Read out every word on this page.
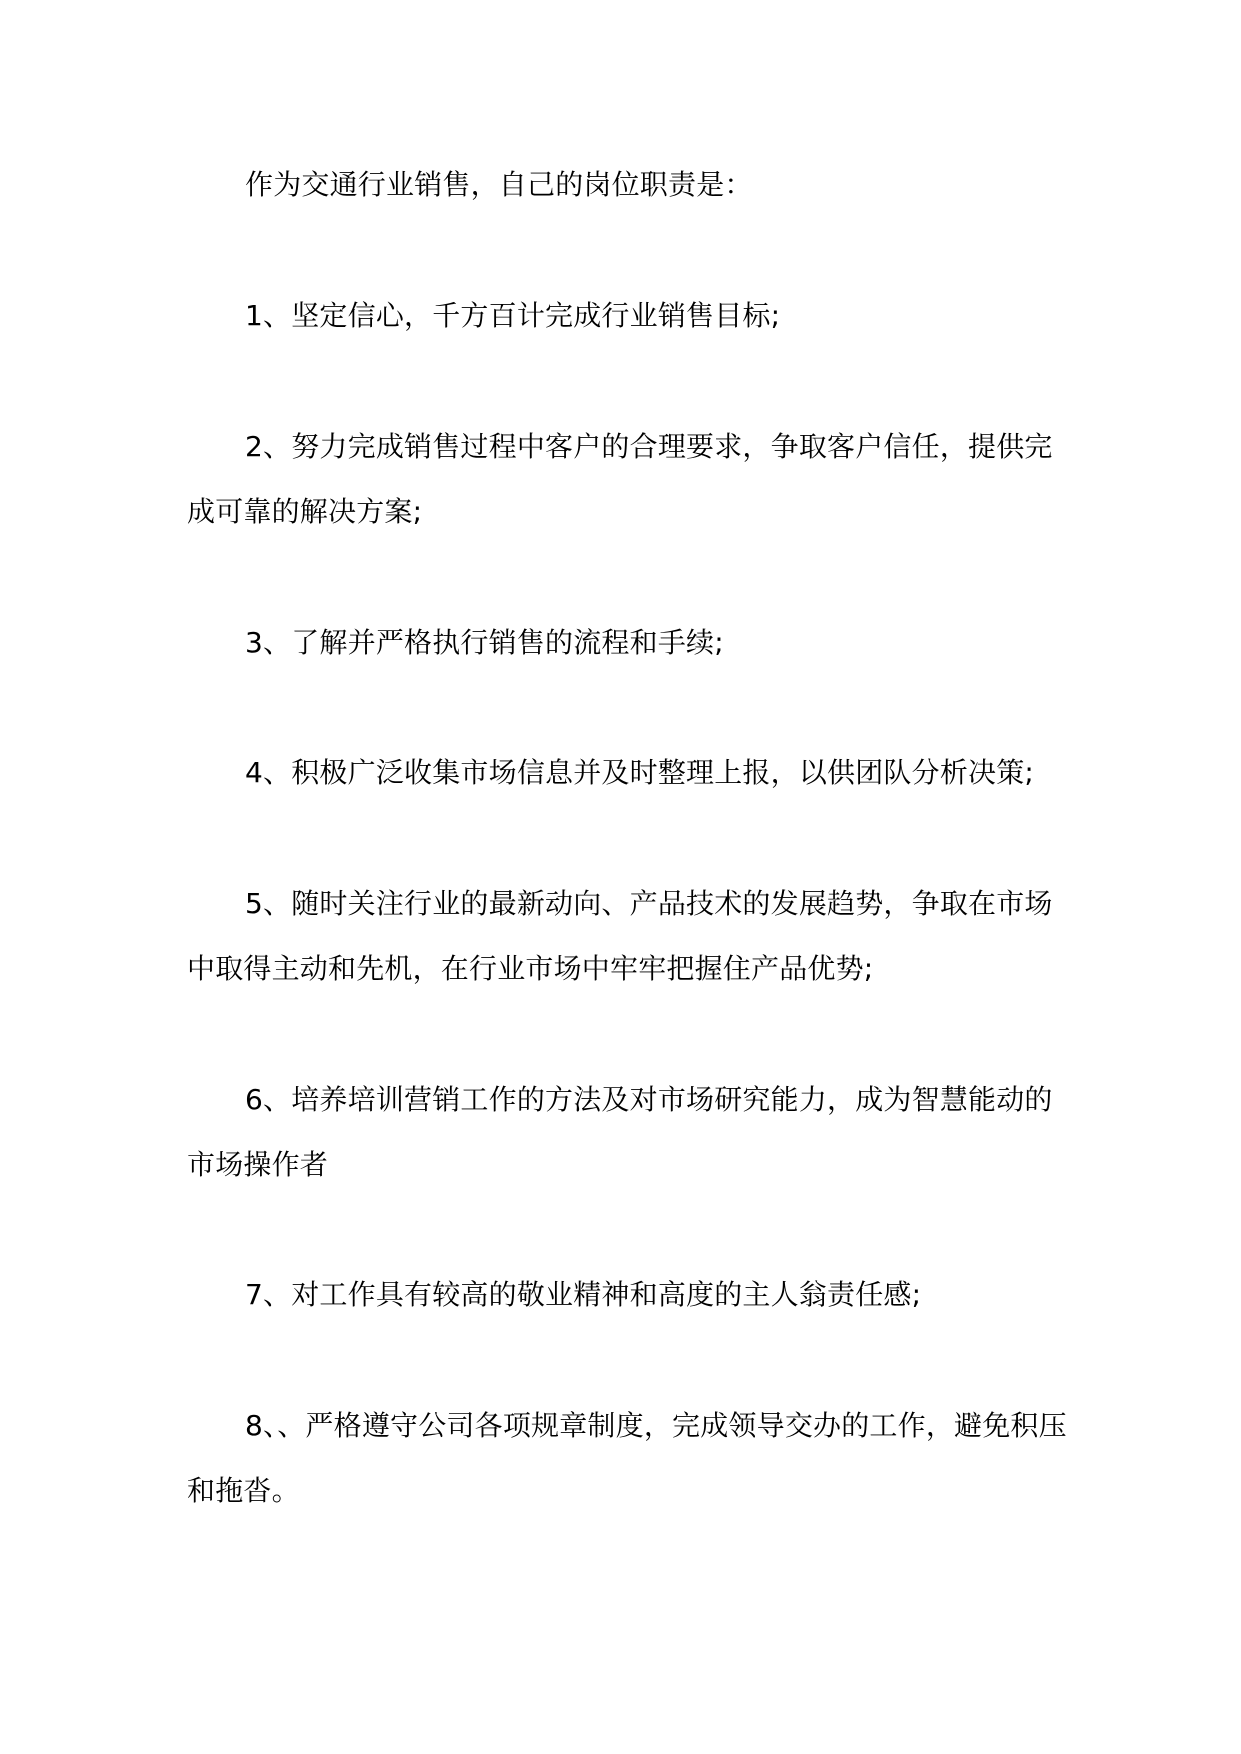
作为交通行业销售，自己的岗位职责是：

1、坚定信心，千方百计完成行业销售目标;

2、努力完成销售过程中客户的合理要求，争取客户信任，提供完成可靠的解决方案;

3、了解并严格执行销售的流程和手续;

4、积极广泛收集市场信息并及时整理上报，以供团队分析决策;

5、随时关注行业的最新动向、产品技术的发展趋势，争取在市场中取得主动和先机，在行业市场中牢牢把握住产品优势;

6、培养培训营销工作的方法及对市场研究能力，成为智慧能动的市场操作者

7、对工作具有较高的敬业精神和高度的主人翁责任感;

8、、严格遵守公司各项规章制度，完成领导交办的工作，避免积压和拖沓。
